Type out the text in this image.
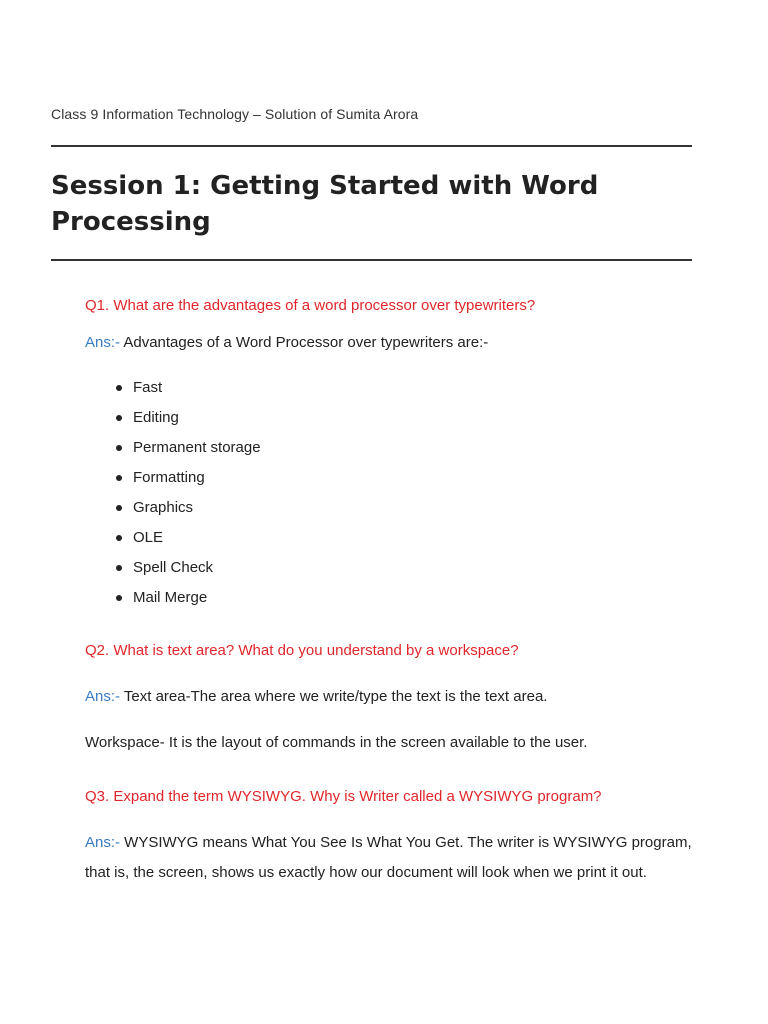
Class 9 Information Technology – Solution of Sumita Arora
Session 1: Getting Started with Word Processing

Q1. What are the advantages of a word processor over typewriters?

Ans:- Advantages of a Word Processor over typewriters are:-

Fast
Editing
Permanent storage
Formatting
Graphics
OLE
Spell Check
Mail Merge

Q2. What is text area? What do you understand by a workspace?

Ans:- Text area-The area where we write/type the text is the text area.

Workspace- It is the layout of commands in the screen available to the user.

Q3. Expand the term WYSIWYG. Why is Writer called a WYSIWYG program?

Ans:- WYSIWYG means What You See Is What You Get. The writer is WYSIWYG program, that is, the screen, shows us exactly how our document will look when we print it out.
